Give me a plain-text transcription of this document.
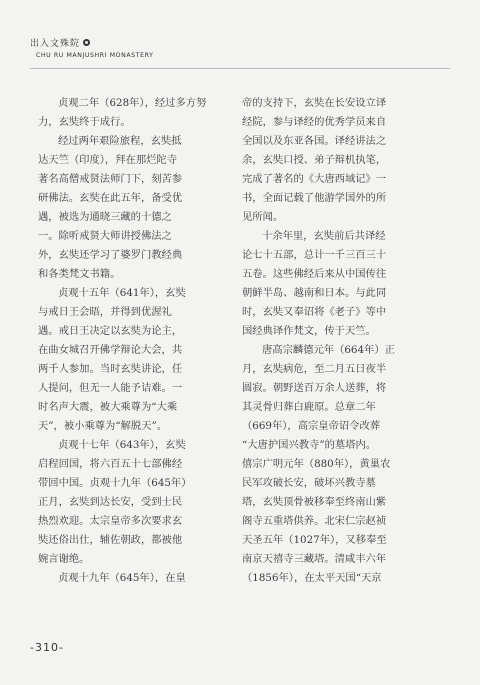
出入文殊院
CHU RU MANJUSHRI MONASTERY
贞观二年（628年），经过多方努
力，玄奘终于成行。
经过两年艰险旅程，玄奘抵
达天竺（印度），拜在那烂陀寺
著名高僧戒贤法师门下，刻苦参
研佛法。玄奘在此五年，备受优
遇，被选为通晓三藏的十德之
一。除听戒贤大师讲授佛法之
外，玄奘还学习了婆罗门教经典
和各类梵文书籍。
贞观十五年（641年），玄奘
与戒日王会晤，并得到优渥礼
遇。戒日王决定以玄奘为论主，
在曲女城召开佛学辩论大会，共
两千人参加。当时玄奘讲论，任
人提问，但无一人能予诘难。一
时名声大震，被大乘尊为“大乘
天”，被小乘尊为“解脱天”。
贞观十七年（643年），玄奘
启程回国，将六百五十七部佛经
带回中国。贞观十九年（645年）
正月，玄奘到达长安，受到士民
热烈欢迎。太宗皇帝多次要求玄
奘还俗出仕，辅佐朝政，都被他
婉言谢绝。
贞观十九年（645年），在皇
帝的支持下，玄奘在长安设立译
经院，参与译经的优秀学员来自
全国以及东亚各国。译经讲法之
余，玄奘口授、弟子辩机执笔，
完成了著名的《大唐西域记》一
书，全面记载了他游学国外的所
见所闻。
十余年里，玄奘前后共译经
论七十五部，总计一千三百三十
五卷。这些佛经后来从中国传往
朝鲜半岛、越南和日本。与此同
时，玄奘又奉诏将《老子》等中
国经典译作梵文，传于天竺。
唐高宗麟德元年（664年）正
月，玄奘病危，至二月五日夜半
圆寂。朝野送百万余人送葬，将
其灵骨归葬白鹿原。总章二年
（669年），高宗皇帝诏令改葬
“大唐护国兴教寺”的墓塔内。
僖宗广明元年（880年），黄巢农
民军攻破长安，破坏兴教寺墓
塔，玄奘顶骨被移奉至终南山紫
阁寺五重塔供养。北宋仁宗赵祯
天圣五年（1027年），又移奉至
南京天禧寺三藏塔。清咸丰六年
（1856年），在太平天国“天京
-310-
